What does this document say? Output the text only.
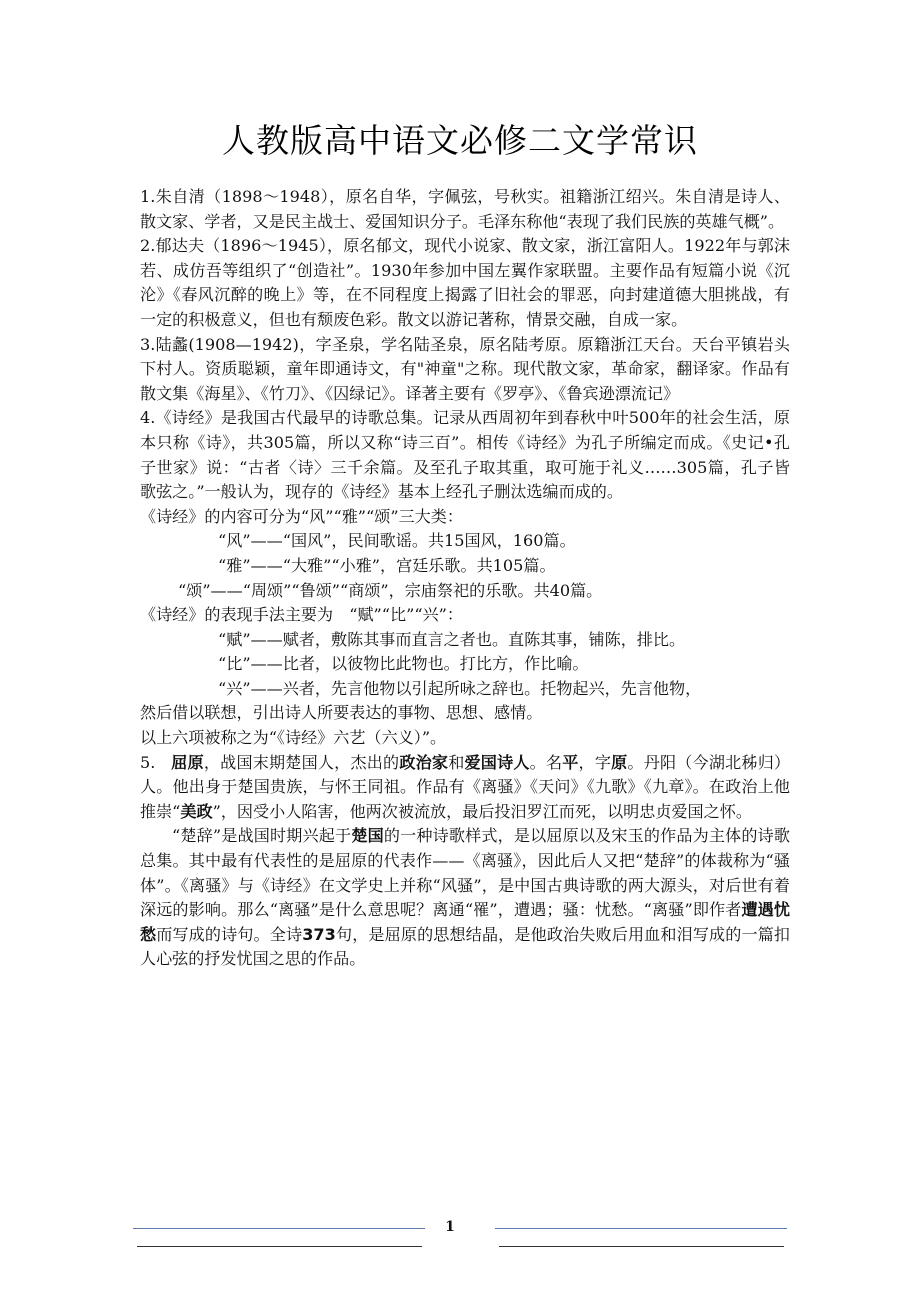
人教版高中语文必修二文学常识

1.朱自清（1898～1948），原名自华，字佩弦，号秋实。祖籍浙江绍兴。朱自清是诗人、散文家、学者，又是民主战士、爱国知识分子。毛泽东称他“表现了我们民族的英雄气概”。

2.郁达夫（1896～1945），原名郁文，现代小说家、散文家，浙江富阳人。1922年与郭沫若、成仿吾等组织了“创造社”。1930年参加中国左翼作家联盟。主要作品有短篇小说《沉沦》《春风沉醉的晚上》等，在不同程度上揭露了旧社会的罪恶，向封建道德大胆挑战，有一定的积极意义，但也有颓废色彩。散文以游记著称，情景交融，自成一家。

3.陆蠡(1908—1942)，字圣泉，学名陆圣泉，原名陆考原。原籍浙江天台。天台平镇岩头下村人。资质聪颖，童年即通诗文，有"神童"之称。现代散文家，革命家，翻译家。作品有散文集《海星》、《竹刀》、《囚绿记》。译著主要有《罗亭》、《鲁宾逊漂流记》

4.《诗经》是我国古代最早的诗歌总集。记录从西周初年到春秋中叶500年的社会生活，原本只称《诗》，共305篇，所以又称“诗三百”。相传《诗经》为孔子所编定而成。《史记•孔子世家》说：“古者〈诗〉三千余篇。及至孔子取其重，取可施于礼义……305篇，孔子皆歌弦之。”一般认为，现存的《诗经》基本上经孔子删汰选编而成的。

《诗经》的内容可分为“风”“雅”“颂”三大类：

“风”——“国风”，民间歌谣。共15国风，160篇。

“雅”——“大雅”“小雅”，宫廷乐歌。共105篇。

“颂”——“周颂”“鲁颂”“商颂”，宗庙祭祀的乐歌。共40篇。

《诗经》的表现手法主要为　“赋”“比”“兴”：

“赋”——赋者，敷陈其事而直言之者也。直陈其事，铺陈，排比。

“比”——比者，以彼物比此物也。打比方，作比喻。

“兴”——兴者，先言他物以引起所咏之辞也。托物起兴，先言他物，

然后借以联想，引出诗人所要表达的事物、思想、感情。

以上六项被称之为“《诗经》六艺（六义）”。

5. 屈原，战国末期楚国人，杰出的政治家和爱国诗人。名平，字原。丹阳（今湖北秭归）人。他出身于楚国贵族，与怀王同祖。作品有《离骚》《天问》《九歌》《九章》。在政治上他推崇“美政”，因受小人陷害，他两次被流放，最后投汨罗江而死，以明忠贞爱国之怀。

“楚辞”是战国时期兴起于楚国的一种诗歌样式，是以屈原以及宋玉的作品为主体的诗歌总集。其中最有代表性的是屈原的代表作——《离骚》，因此后人又把“楚辞”的体裁称为“骚体”。《离骚》与《诗经》在文学史上并称“风骚”，是中国古典诗歌的两大源头，对后世有着深远的影响。那么“离骚”是什么意思呢？离通“罹”，遭遇；骚：忧愁。“离骚”即作者遭遇忧愁而写成的诗句。全诗373句，是屈原的思想结晶，是他政治失败后用血和泪写成的一篇扣人心弦的抒发忧国之思的作品。

1
